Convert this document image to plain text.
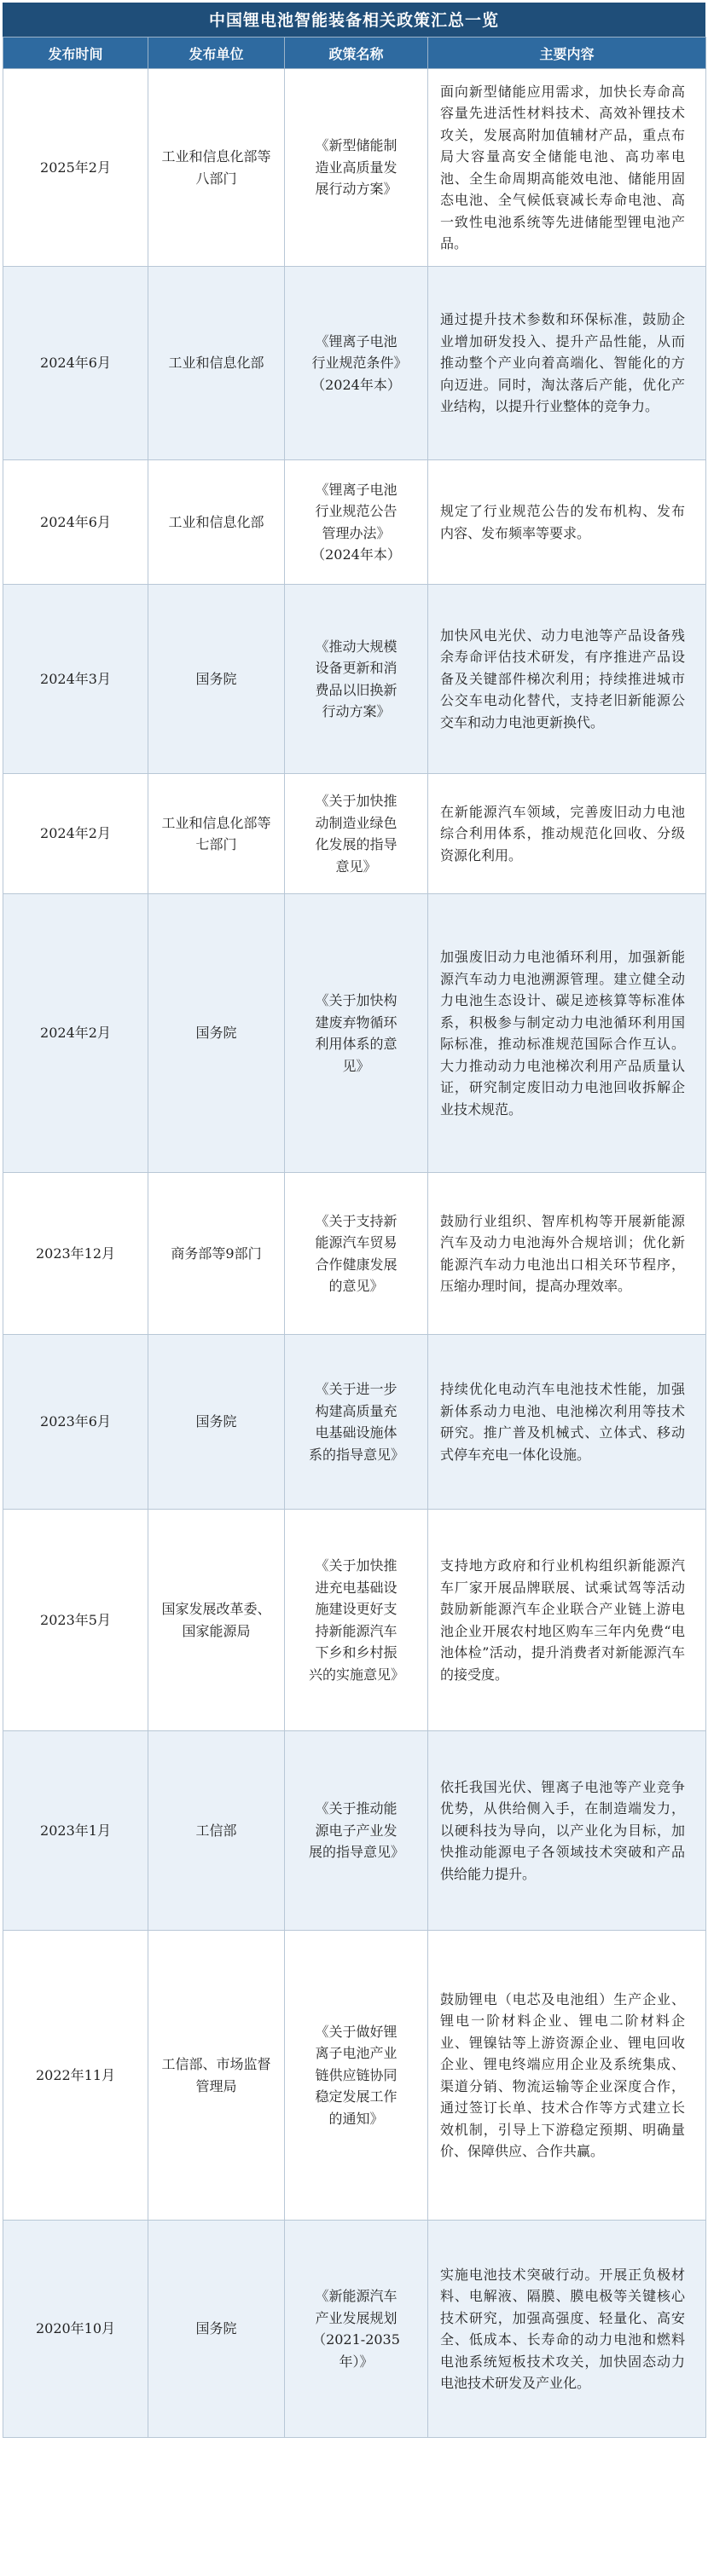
中国锂电池智能装备相关政策汇总一览
发布时间	发布单位	政策名称	主要内容
2025年2月	工业和信息化部等八部门	《新型储能制造业高质量发展行动方案》	面向新型储能应用需求，加快长寿命高容量先进活性材料技术、高效补锂技术攻关，发展高附加值辅材产品，重点布局大容量高安全储能电池、高功率电池、全生命周期高能效电池、储能用固态电池、全气候低衰减长寿命电池、高一致性电池系统等先进储能型锂电池产品。
2024年6月	工业和信息化部	《锂离子电池行业规范条件》（2024年本）	通过提升技术参数和环保标准，鼓励企业增加研发投入、提升产品性能，从而推动整个产业向着高端化、智能化的方向迈进。同时，淘汰落后产能，优化产业结构，以提升行业整体的竞争力。
2024年6月	工业和信息化部	《锂离子电池行业规范公告管理办法》（2024年本）	规定了行业规范公告的发布机构、发布内容、发布频率等要求。
2024年3月	国务院	《推动大规模设备更新和消费品以旧换新行动方案》	加快风电光伏、动力电池等产品设备残余寿命评估技术研发，有序推进产品设备及关键部件梯次利用；持续推进城市公交车电动化替代，支持老旧新能源公交车和动力电池更新换代。
2024年2月	工业和信息化部等七部门	《关于加快推动制造业绿色化发展的指导意见》	在新能源汽车领域，完善废旧动力电池综合利用体系，推动规范化回收、分级资源化利用。
2024年2月	国务院	《关于加快构建废弃物循环利用体系的意见》	加强废旧动力电池循环利用，加强新能源汽车动力电池溯源管理。建立健全动力电池生态设计、碳足迹核算等标准体系，积极参与制定动力电池循环利用国际标准，推动标准规范国际合作互认。大力推动动力电池梯次利用产品质量认证，研究制定废旧动力电池回收拆解企业技术规范。
2023年12月	商务部等9部门	《关于支持新能源汽车贸易合作健康发展的意见》	鼓励行业组织、智库机构等开展新能源汽车及动力电池海外合规培训；优化新能源汽车动力电池出口相关环节程序，压缩办理时间，提高办理效率。
2023年6月	国务院	《关于进一步构建高质量充电基础设施体系的指导意见》	持续优化电动汽车电池技术性能，加强新体系动力电池、电池梯次利用等技术研究。推广普及机械式、立体式、移动式停车充电一体化设施。
2023年5月	国家发展改革委、国家能源局	《关于加快推进充电基础设施建设更好支持新能源汽车下乡和乡村振兴的实施意见》	支持地方政府和行业机构组织新能源汽车厂家开展品牌联展、试乘试驾等活动鼓励新能源汽车企业联合产业链上游电池企业开展农村地区购车三年内免费“电池体检”活动，提升消费者对新能源汽车的接受度。
2023年1月	工信部	《关于推动能源电子产业发展的指导意见》	依托我国光伏、锂离子电池等产业竞争优势，从供给侧入手，在制造端发力，以硬科技为导向，以产业化为目标，加快推动能源电子各领域技术突破和产品供给能力提升。
2022年11月	工信部、市场监督管理局	《关于做好锂离子电池产业链供应链协同稳定发展工作的通知》	鼓励锂电（电芯及电池组）生产企业、锂电一阶材料企业、锂电二阶材料企业、锂镍钴等上游资源企业、锂电回收企业、锂电终端应用企业及系统集成、渠道分销、物流运输等企业深度合作，通过签订长单、技术合作等方式建立长效机制，引导上下游稳定预期、明确量价、保障供应、合作共赢。
2020年10月	国务院	《新能源汽车产业发展规划（2021-2035年）》	实施电池技术突破行动。开展正负极材料、电解液、隔膜、膜电极等关键核心技术研究，加强高强度、轻量化、高安全、低成本、长寿命的动力电池和燃料电池系统短板技术攻关，加快固态动力电池技术研发及产业化。
